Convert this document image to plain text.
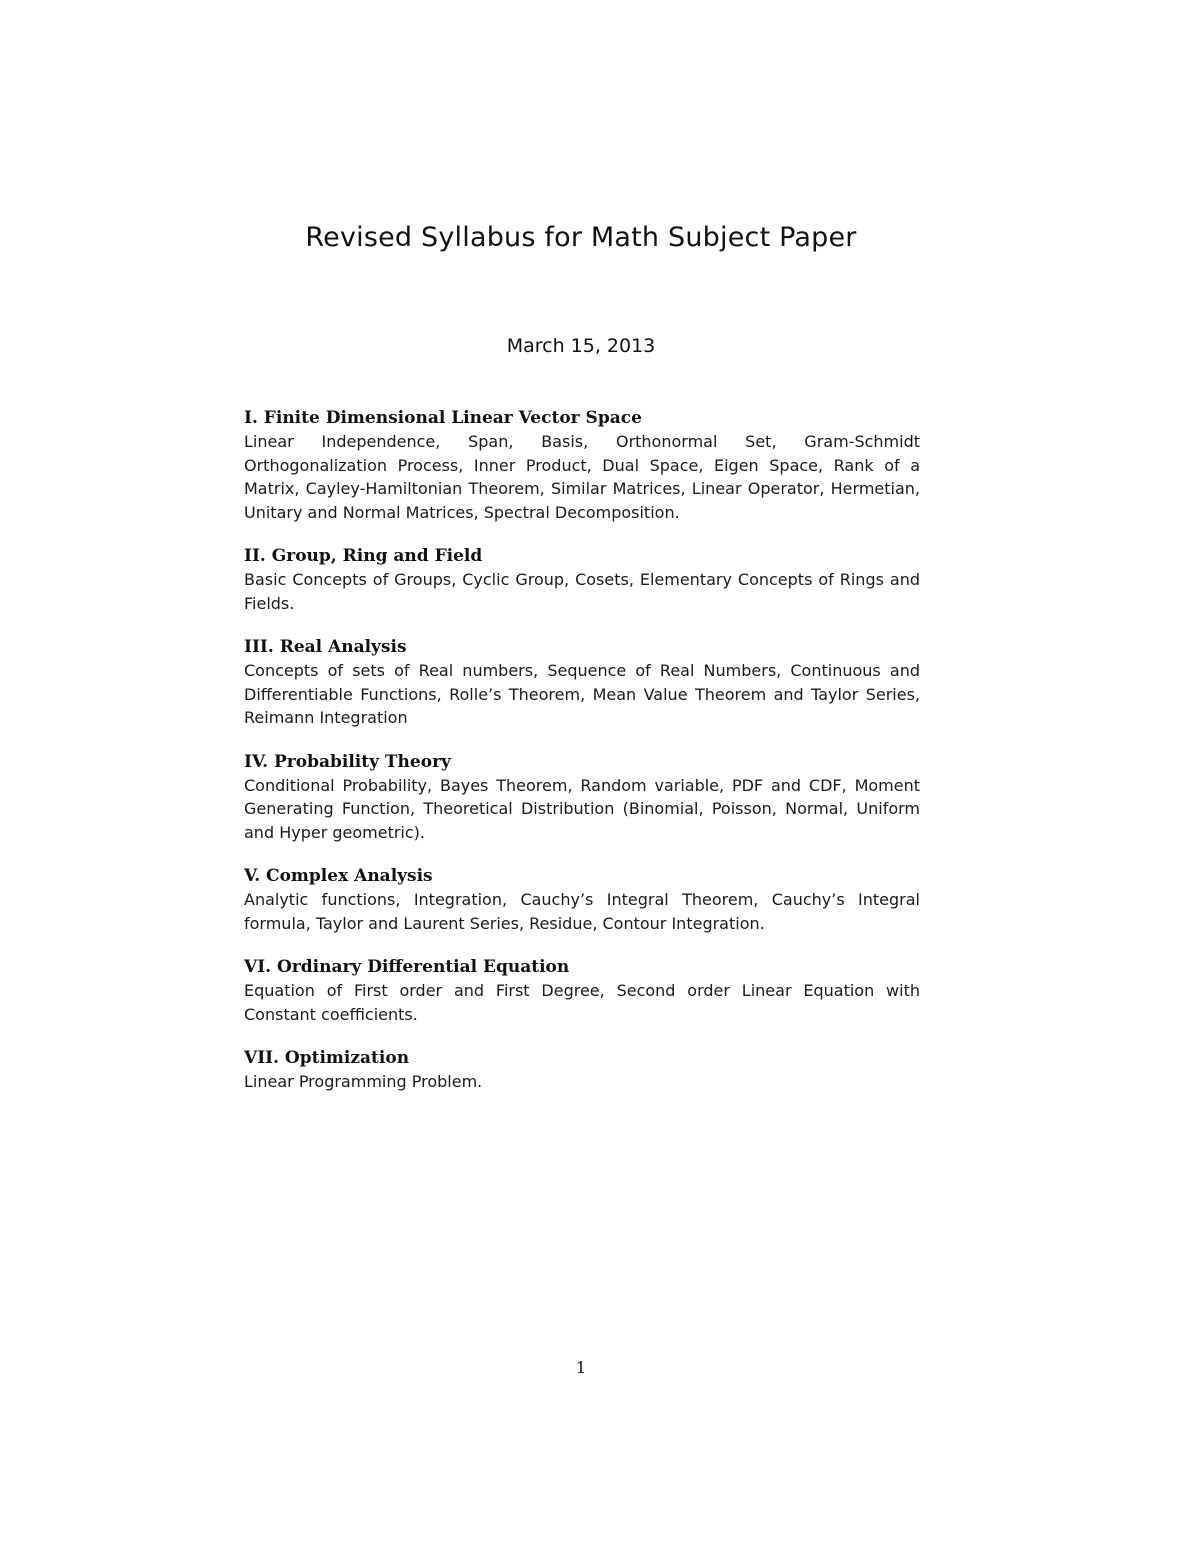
Revised Syllabus for Math Subject Paper
March 15, 2013
I. Finite Dimensional Linear Vector Space

Linear Independence, Span, Basis, Orthonormal Set, Gram-Schmidt Orthogonalization Process, Inner Product, Dual Space, Eigen Space, Rank of a Matrix, Cayley-Hamiltonian Theorem, Similar Matrices, Linear Operator, Hermetian, Unitary and Normal Matrices, Spectral Decomposition.

II. Group, Ring and Field

Basic Concepts of Groups, Cyclic Group, Cosets, Elementary Concepts of Rings and Fields.

III. Real Analysis

Concepts of sets of Real numbers, Sequence of Real Numbers, Continuous and Differentiable Functions, Rolle’s Theorem, Mean Value Theorem and Taylor Series, Reimann Integration

IV. Probability Theory

Conditional Probability, Bayes Theorem, Random variable, PDF and CDF, Moment Generating Function, Theoretical Distribution (Binomial, Poisson, Normal, Uniform and Hyper geometric).

V. Complex Analysis

Analytic functions, Integration, Cauchy’s Integral Theorem, Cauchy’s Integral formula, Taylor and Laurent Series, Residue, Contour Integration.

VI. Ordinary Differential Equation

Equation of First order and First Degree, Second order Linear Equation with Constant coefficients.

VII. Optimization

Linear Programming Problem.

1
